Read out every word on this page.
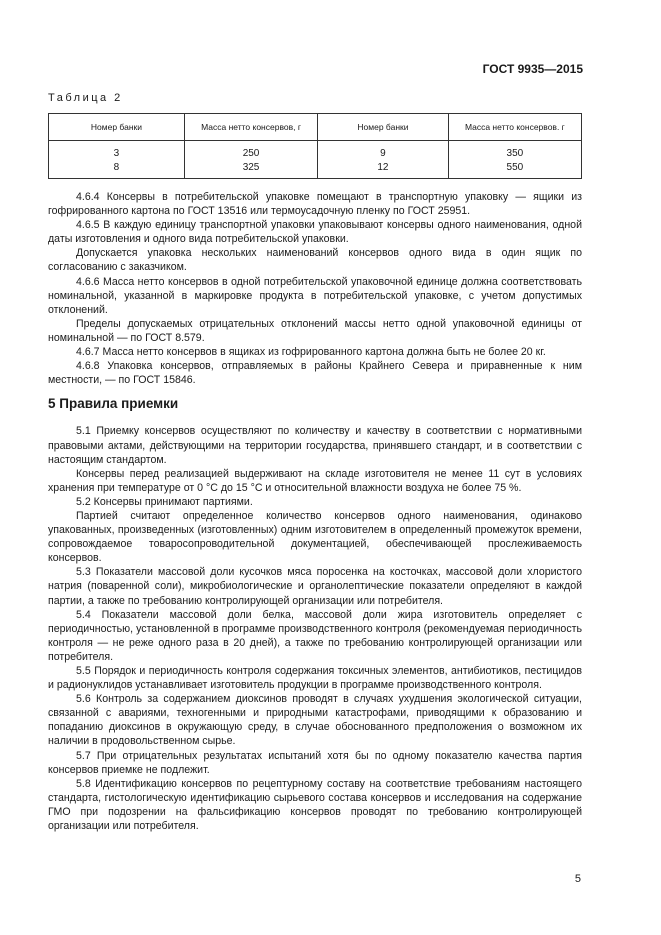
ГОСТ 9935—2015
Таблица 2
Номер банки	Масса нетто консервов, г	Номер банки	Масса нетто консервов. г
3	250	9	350
8	325	12	550

4.6.4 Консервы в потребительской упаковке помещают в транспортную упаковку — ящики из гофрированного картона по ГОСТ 13516 или термоусадочную пленку по ГОСТ 25951.

4.6.5 В каждую единицу транспортной упаковки упаковывают консервы одного наименования, одной даты изготовления и одного вида потребительской упаковки.

Допускается упаковка нескольких наименований консервов одного вида в один ящик по согласованию с заказчиком.

4.6.6 Масса нетто консервов в одной потребительской упаковочной единице должна соответствовать номинальной, указанной в маркировке продукта в потребительской упаковке, с учетом допустимых отклонений.

Пределы допускаемых отрицательных отклонений массы нетто одной упаковочной единицы от номинальной — по ГОСТ 8.579.

4.6.7 Масса нетто консервов в ящиках из гофрированного картона должна быть не более 20 кг.

4.6.8 Упаковка консервов, отправляемых в районы Крайнего Севера и приравненные к ним местности, — по ГОСТ 15846.

5 Правила приемки

5.1 Приемку консервов осуществляют по количеству и качеству в соответствии с нормативными правовыми актами, действующими на территории государства, принявшего стандарт, и в соответствии с настоящим стандартом.

Консервы перед реализацией выдерживают на складе изготовителя не менее 11 сут в условиях хранения при температуре от 0 °С до 15 °С и относительной влажности воздуха не более 75 %.

5.2 Консервы принимают партиями.

Партией считают определенное количество консервов одного наименования, одинаково упакованных, произведенных (изготовленных) одним изготовителем в определенный промежуток времени, сопровождаемое товаросопроводительной документацией, обеспечивающей прослеживаемость консервов.

5.3 Показатели массовой доли кусочков мяса поросенка на косточках, массовой доли хлористого натрия (поваренной соли), микробиологические и органолептические показатели определяют в каждой партии, а также по требованию контролирующей организации или потребителя.

5.4 Показатели массовой доли белка, массовой доли жира изготовитель определяет с периодичностью, установленной в программе производственного контроля (рекомендуемая периодичность контроля — не реже одного раза в 20 дней), а также по требованию контролирующей организации или потребителя.

5.5 Порядок и периодичность контроля содержания токсичных элементов, антибиотиков, пестицидов и радионуклидов устанавливает изготовитель продукции в программе производственного контроля.

5.6 Контроль за содержанием диоксинов проводят в случаях ухудшения экологической ситуации, связанной с авариями, техногенными и природными катастрофами, приводящими к образованию и попаданию диоксинов в окружающую среду, в случае обоснованного предположения о возможном их наличии в продовольственном сырье.

5.7 При отрицательных результатах испытаний хотя бы по одному показателю качества партия консервов приемке не подлежит.

5.8 Идентификацию консервов по рецептурному составу на соответствие требованиям настоящего стандарта, гистологическую идентификацию сырьевого состава консервов и исследования на содержание ГМО при подозрении на фальсификацию консервов проводят по требованию контролирующей организации или потребителя.

5
